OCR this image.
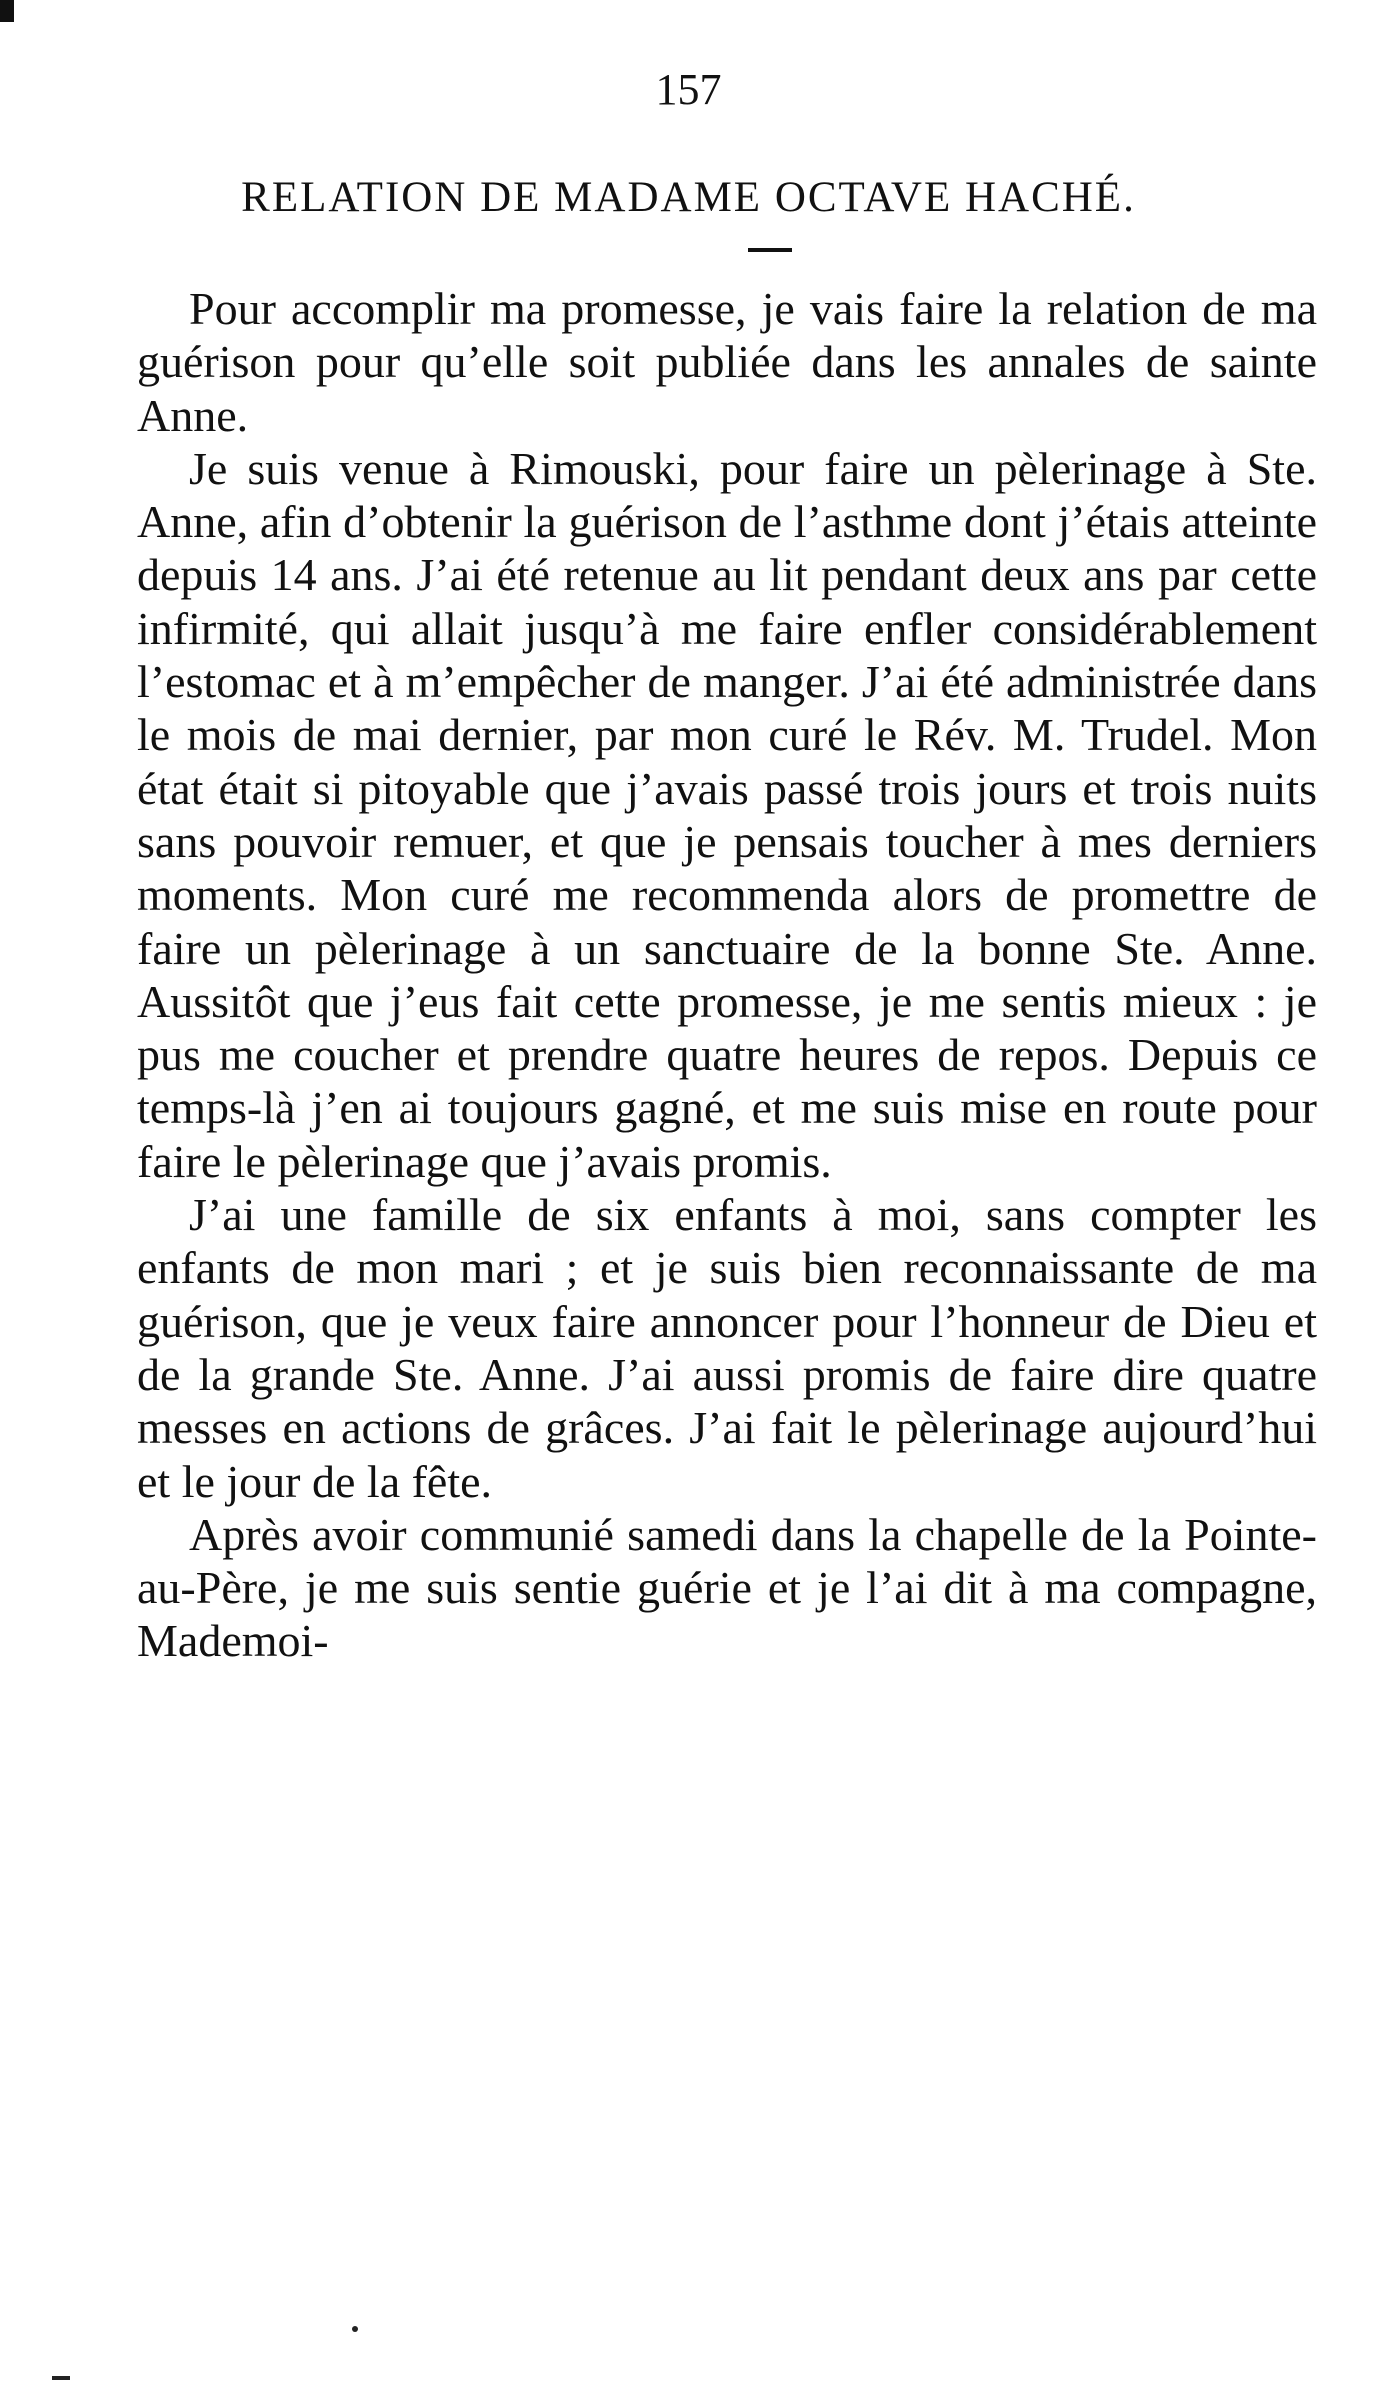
157
RELATION DE MADAME OCTAVE HACHÉ.

Pour accomplir ma promesse, je vais faire la relation de ma guérison pour qu’elle soit publiée dans les annales de sainte Anne.

Je suis venue à Rimouski, pour faire un pèlerinage à Ste. Anne, afin d’obtenir la guérison de l’asthme dont j’étais atteinte depuis 14 ans. J’ai été retenue au lit pendant deux ans par cette infirmité, qui allait jusqu’à me faire enfler considérablement l’estomac et à m’empêcher de manger. J’ai été administrée dans le mois de mai dernier, par mon curé le Rév. M. Trudel. Mon état était si pitoyable que j’avais passé trois jours et trois nuits sans pouvoir remuer, et que je pensais toucher à mes derniers moments. Mon curé me recommenda alors de promettre de faire un pèlerinage à un sanctuaire de la bonne Ste. Anne. Aussitôt que j’eus fait cette promesse, je me sentis mieux : je pus me coucher et prendre quatre heures de repos. Depuis ce temps-là j’en ai toujours gagné, et me suis mise en route pour faire le pèlerinage que j’avais promis.

J’ai une famille de six enfants à moi, sans compter les enfants de mon mari ; et je suis bien reconnaissante de ma guérison, que je veux faire annoncer pour l’honneur de Dieu et de la grande Ste. Anne. J’ai aussi promis de faire dire quatre messes en actions de grâces. J’ai fait le pèlerinage aujourd’hui et le jour de la fête.

Après avoir communié samedi dans la chapelle de la Pointe-au-Père, je me suis sentie guérie et je l’ai dit à ma compagne, Mademoi-
